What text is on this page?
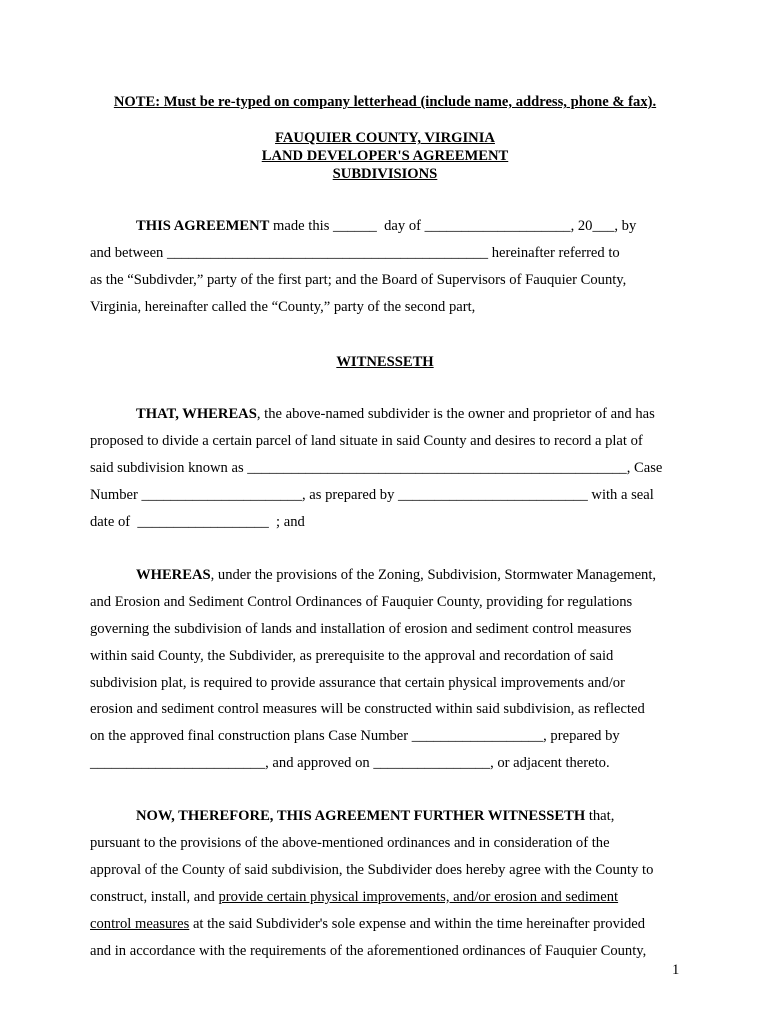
NOTE: Must be re-typed on company letterhead (include name, address, phone & fax).
FAUQUIER COUNTY, VIRGINIA
LAND DEVELOPER'S AGREEMENT
SUBDIVISIONS
THIS AGREEMENT made this ______  day of ____________________, 20___, by
and between ____________________________________________ hereinafter referred to
as the “Subdivder,” party of the first part; and the Board of Supervisors of Fauquier County,
Virginia, hereinafter called the “County,” party of the second part,
WITNESSETH
THAT, WHEREAS, the above-named subdivider is the owner and proprietor of and has
proposed to divide a certain parcel of land situate in said County and desires to record a plat of
said subdivision known as ____________________________________________________, Case
Number ______________________, as prepared by __________________________ with a seal
date of  __________________  ; and
WHEREAS, under the provisions of the Zoning, Subdivision, Stormwater Management,
and Erosion and Sediment Control Ordinances of Fauquier County, providing for regulations
governing the subdivision of lands and installation of erosion and sediment control measures
within said County, the Subdivider, as prerequisite to the approval and recordation of said
subdivision plat, is required to provide assurance that certain physical improvements and/or
erosion and sediment control measures will be constructed within said subdivision, as reflected
on the approved final construction plans Case Number __________________, prepared by
________________________, and approved on ________________, or adjacent thereto.
NOW, THEREFORE, THIS AGREEMENT FURTHER WITNESSETH that,
pursuant to the provisions of the above-mentioned ordinances and in consideration of the
approval of the County of said subdivision, the Subdivider does hereby agree with the County to
construct, install, and provide certain physical improvements, and/or erosion and sediment
control measures at the said Subdivider's sole expense and within the time hereinafter provided
and in accordance with the requirements of the aforementioned ordinances of Fauquier County,
1
